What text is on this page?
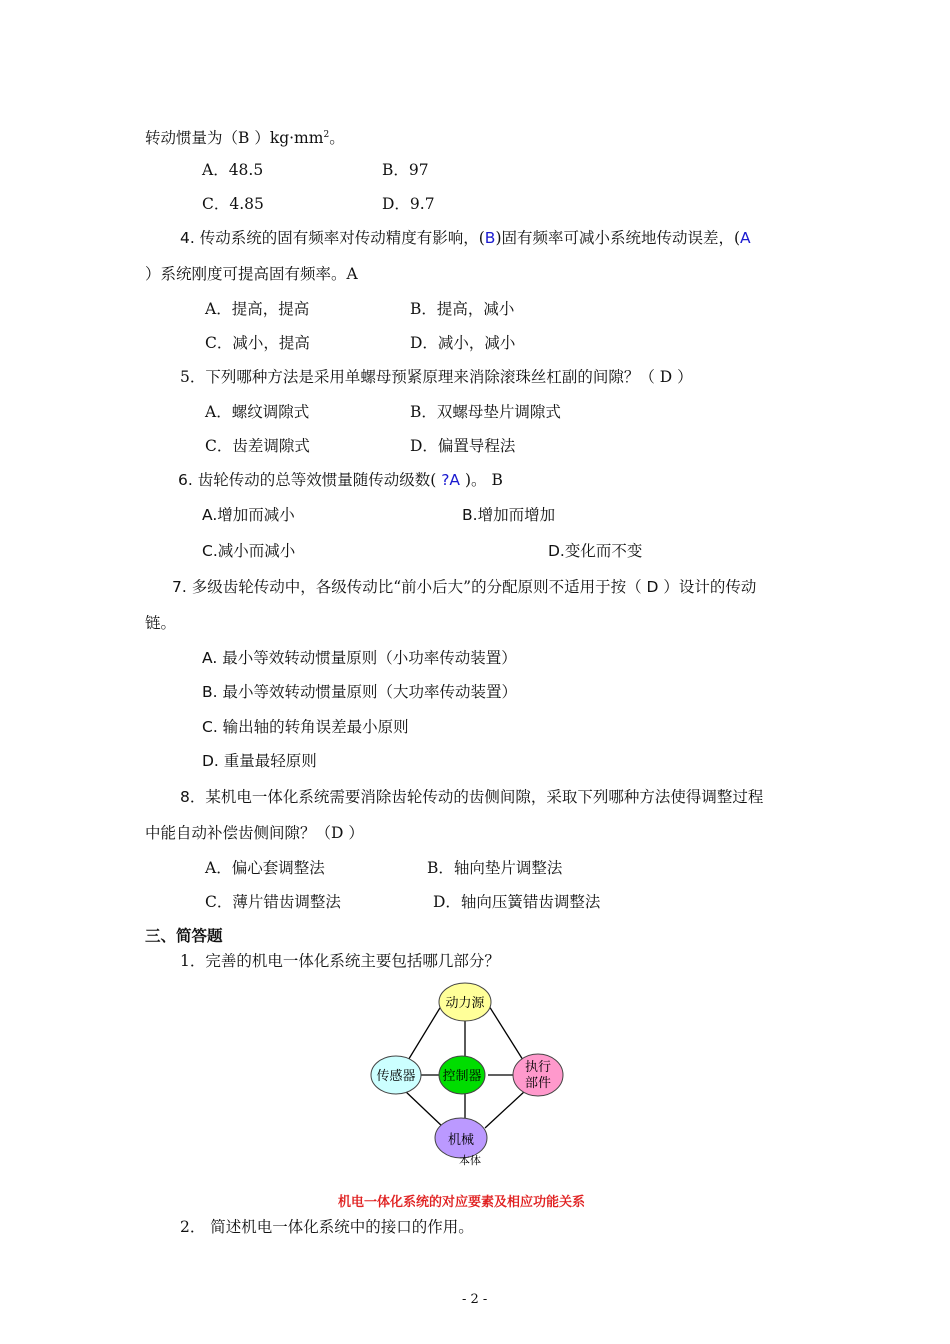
转动惯量为（B ）$kg\cdot mm^2$。
A．48.5	B．97
C．4.85	D．9.7
4. 传动系统的固有频率对传动精度有影响，(B)固有频率可减小系统地传动误差，(A
）系统刚度可提高固有频率。A
A．提高，提高	B．提高，减小
C．减小，提高	D．减小，减小
5．下列哪种方法是采用单螺母预紧原理来消除滚珠丝杠副的间隙？（ D ）
A．螺纹调隙式	B．双螺母垫片调隙式
C．齿差调隙式	D．偏置导程法
6. 齿轮传动的总等效惯量随传动级数( ?A )。 B
A.增加而减小	B.增加而增加
C.减小而减小	D.变化而不变
7. 多级齿轮传动中，各级传动比“前小后大”的分配原则不适用于按（ D ）设计的传动
链。
A. 最小等效转动惯量原则（小功率传动装置）
B. 最小等效转动惯量原则（大功率传动装置）
C. 输出轴的转角误差最小原则
D. 重量最轻原则
8．某机电一体化系统需要消除齿轮传动的齿侧间隙，采取下列哪种方法使得调整过程
中能自动补偿齿侧间隙？（D ）
A．偏心套调整法	B．轴向垫片调整法
C．薄片错齿调整法	D．轴向压簧错齿调整法
三、简答题
1．完善的机电一体化系统主要包括哪几部分？
动力源
传感器 控制器
执行
部件
机械
本体
机电一体化系统的对应要素及相应功能关系
2． 简述机电一体化系统中的接口的作用。
- 2 -
